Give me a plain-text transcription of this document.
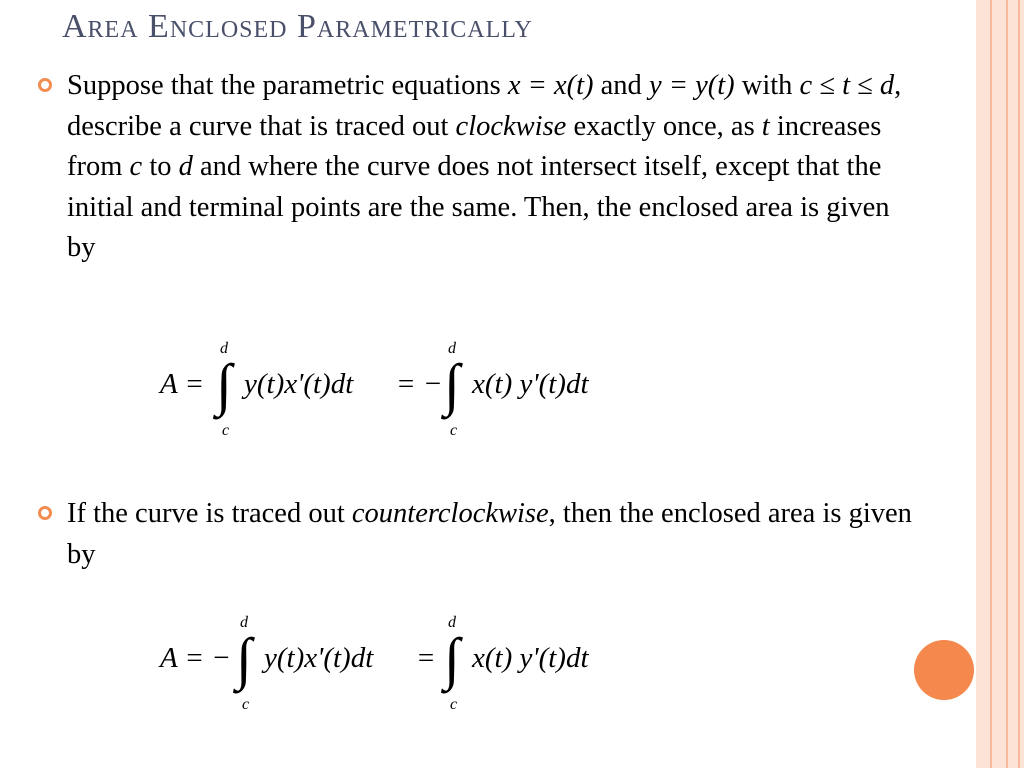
Area Enclosed Parametrically
Suppose that the parametric equations x = x(t) and y = y(t) with c ≤ t ≤ d, describe a curve that is traced out clockwise exactly once, as t increases from c to d and where the curve does not intersect itself, except that the initial and terminal points are the same. Then, the enclosed area is given by
A = ∫
d
c
y(t)x'(t)dt = − ∫
d
c
x(t) y'(t)dt
If the curve is traced out counterclockwise, then the enclosed area is given by
A = − ∫
d
c
y(t)x'(t)dt = ∫
d
c
x(t) y'(t)dt
